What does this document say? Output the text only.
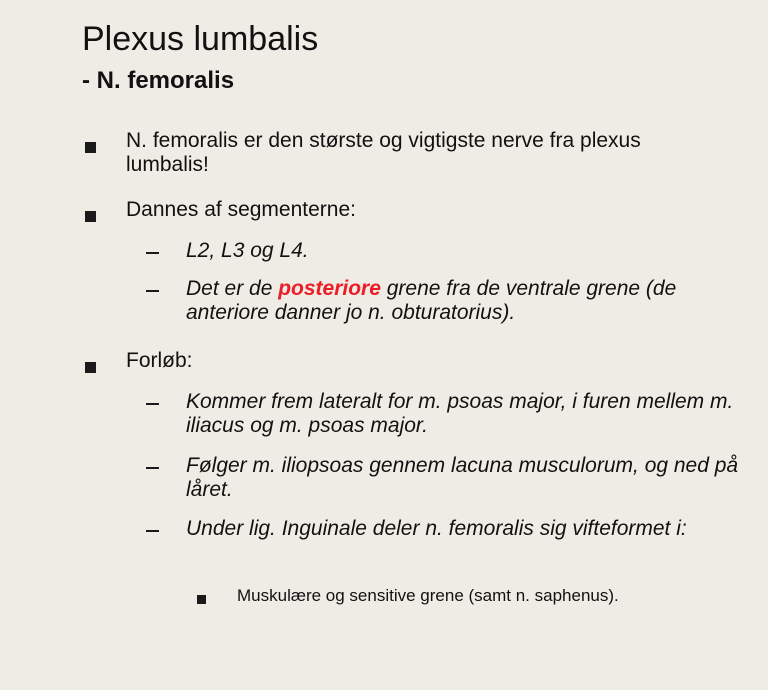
Plexus lumbalis
- N. femoralis

N. femoralis er den største og vigtigste nerve fra plexus lumbalis!

Dannes af segmenterne:

L2, L3 og L4.

Det er de posteriore grene fra de ventrale grene (de anteriore danner jo n. obturatorius).

Forløb:

Kommer frem lateralt for m. psoas major, i furen mellem m. iliacus og m. psoas major.

Følger m. iliopsoas gennem lacuna musculorum, og ned på låret.

Under lig. Inguinale deler n. femoralis sig vifteformet i:

Muskulære og sensitive grene (samt n. saphenus).
